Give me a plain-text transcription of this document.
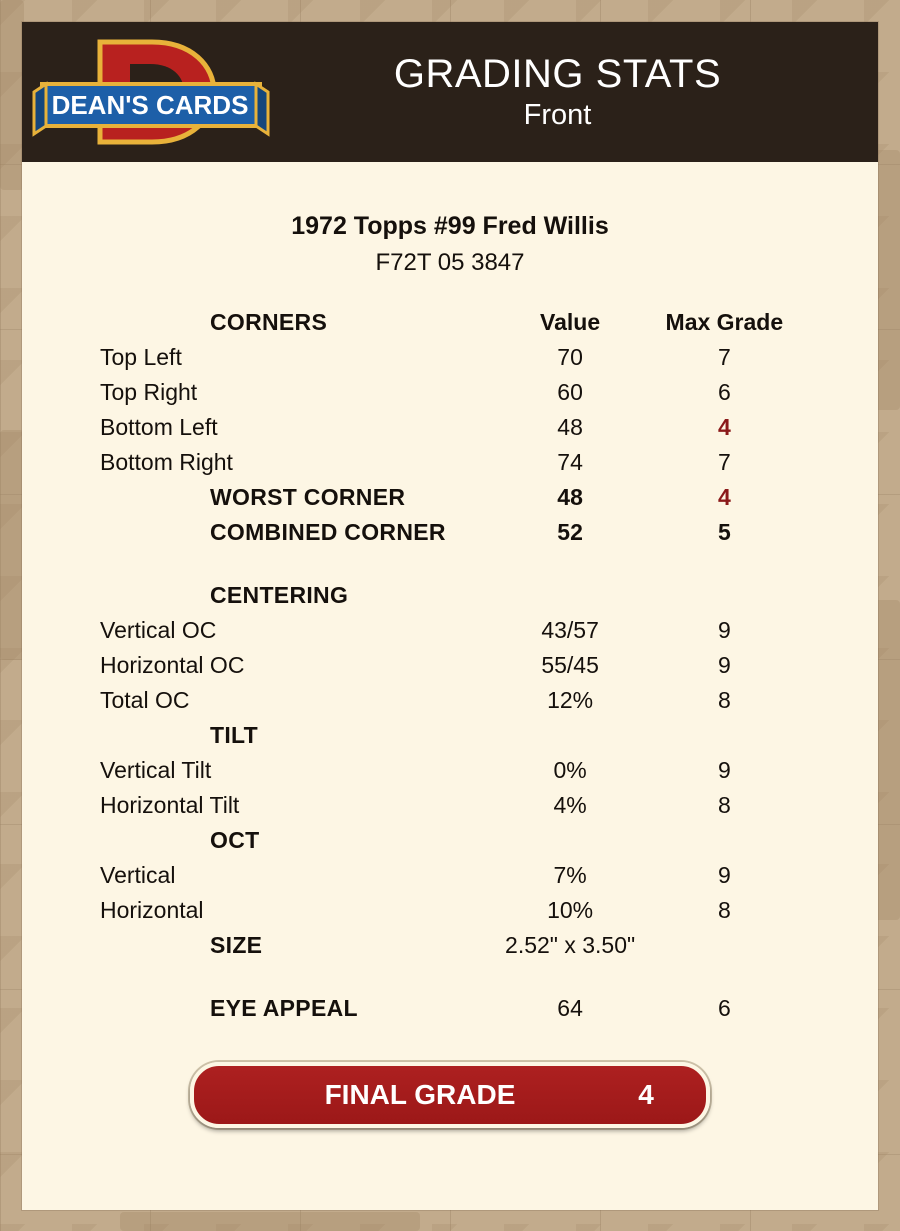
DEAN'S CARDS
GRADING STATS
Front
1972 Topps #99 Fred Willis
F72T 05 3847
CORNERS	Value	Max Grade
Top Left	70	7
Top Right	60	6
Bottom Left	48	4
Bottom Right	74	7
WORST CORNER	48	4
COMBINED CORNER	52	5

CENTERING		
Vertical OC	43/57	9
Horizontal OC	55/45	9
Total OC	12%	8
TILT		
Vertical Tilt	0%	9
Horizontal Tilt	4%	8
OCT		
Vertical	7%	9
Horizontal	10%	8
SIZE	2.52" x 3.50"	

EYE APPEAL	64	6
FINAL GRADE	4
